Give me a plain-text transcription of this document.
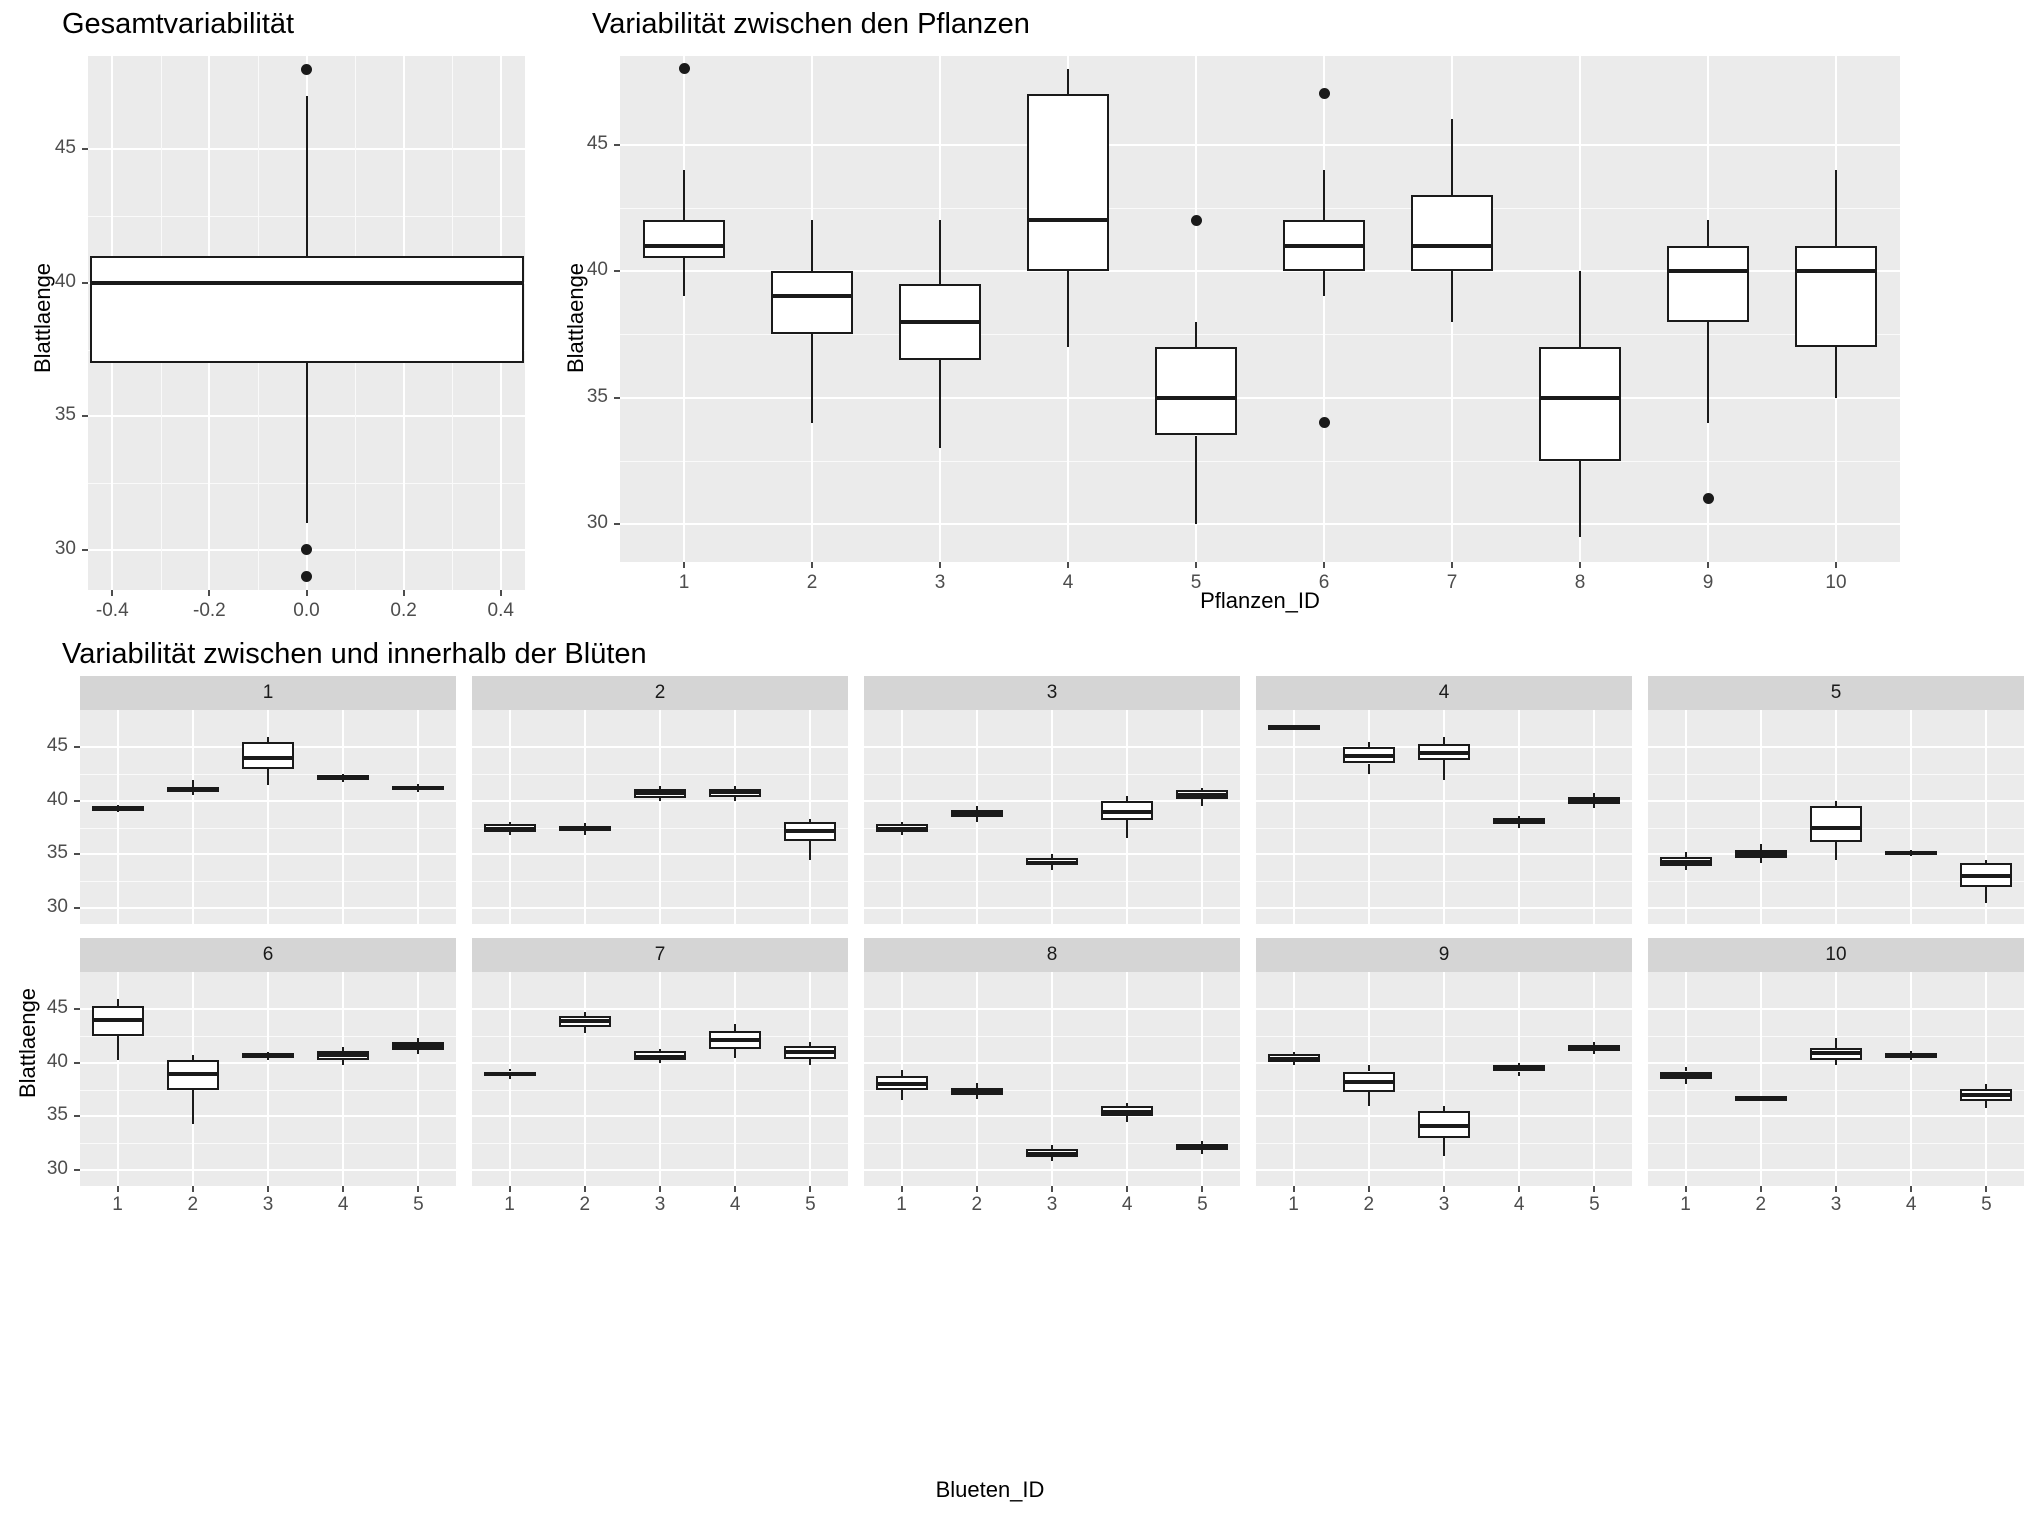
Gesamtvariabilität
Blattlaenge
30
35
40
45
-0.4	-0.2	0.0	0.2	0.4
Variabilität zwischen den Pflanzen
Blattlaenge
Pflanzen_ID
30
35
40
45
1	2	3	4	5	6	7	8	9	10
Variabilität zwischen und innerhalb der Blüten
Blattlaenge
Blueten_ID
30
35
40
45
30
35
40
45
1	2	3	4	5
6	7	8	9	10
1	2	3	4	5	1	2	3	4	5	1	2	3	4	5	1	2	3	4	5	1	2	3	4	5
